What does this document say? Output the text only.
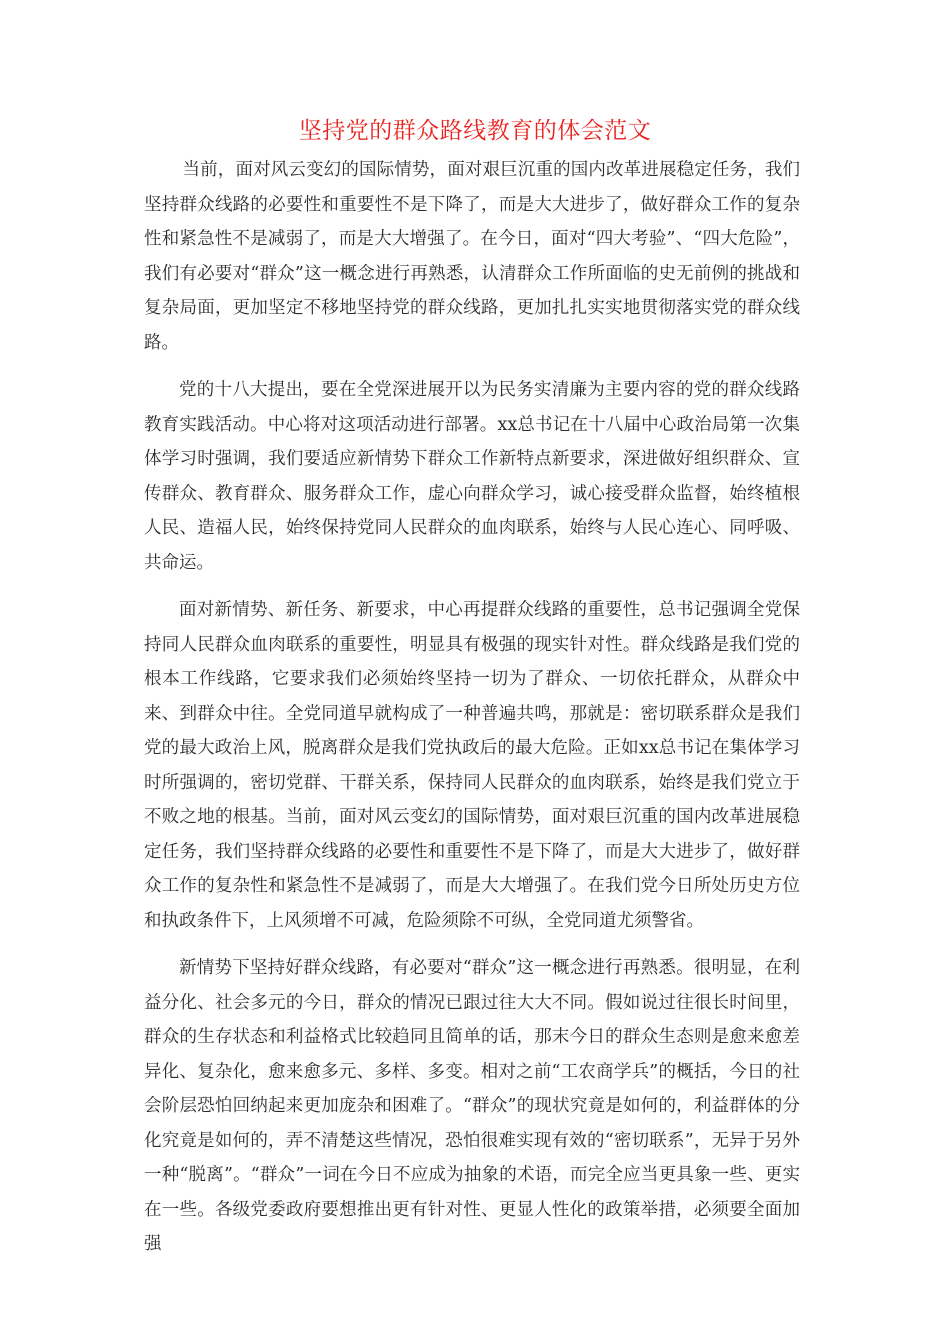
坚持党的群众路线教育的体会范文

当前，面对风云变幻的国际情势，面对艰巨沉重的国内改革进展稳定任务，我们坚持群众线路的必要性和重要性不是下降了，而是大大进步了，做好群众工作的复杂性和紧急性不是减弱了，而是大大增强了。在今日，面对“四大考验”、“四大危险”，我们有必要对“群众”这一概念进行再熟悉，认清群众工作所面临的史无前例的挑战和复杂局面，更加坚定不移地坚持党的群众线路，更加扎扎实实地贯彻落实党的群众线路。

党的十八大提出，要在全党深进展开以为民务实清廉为主要内容的党的群众线路教育实践活动。中心将对这项活动进行部署。xx总书记在十八届中心政治局第一次集体学习时强调，我们要适应新情势下群众工作新特点新要求，深进做好组织群众、宣传群众、教育群众、服务群众工作，虚心向群众学习，诚心接受群众监督，始终植根人民、造福人民，始终保持党同人民群众的血肉联系，始终与人民心连心、同呼吸、共命运。

面对新情势、新任务、新要求，中心再提群众线路的重要性，总书记强调全党保持同人民群众血肉联系的重要性，明显具有极强的现实针对性。群众线路是我们党的根本工作线路，它要求我们必须始终坚持一切为了群众、一切依托群众，从群众中来、到群众中往。全党同道早就构成了一种普遍共鸣，那就是：密切联系群众是我们党的最大政治上风，脱离群众是我们党执政后的最大危险。正如xx总书记在集体学习时所强调的，密切党群、干群关系，保持同人民群众的血肉联系，始终是我们党立于不败之地的根基。当前，面对风云变幻的国际情势，面对艰巨沉重的国内改革进展稳定任务，我们坚持群众线路的必要性和重要性不是下降了，而是大大进步了，做好群众工作的复杂性和紧急性不是减弱了，而是大大增强了。在我们党今日所处历史方位和执政条件下，上风须增不可减，危险须除不可纵，全党同道尤须警省。

新情势下坚持好群众线路，有必要对“群众”这一概念进行再熟悉。很明显，在利益分化、社会多元的今日，群众的情况已跟过往大大不同。假如说过往很长时间里，群众的生存状态和利益格式比较趋同且简单的话，那末今日的群众生态则是愈来愈差异化、复杂化，愈来愈多元、多样、多变。相对之前“工农商学兵”的概括，今日的社会阶层恐怕回纳起来更加庞杂和困难了。“群众”的现状究竟是如何的，利益群体的分化究竟是如何的，弄不清楚这些情况，恐怕很难实现有效的“密切联系”，无异于另外一种“脱离”。“群众”一词在今日不应成为抽象的术语，而完全应当更具象一些、更实在一些。各级党委政府要想推出更有针对性、更显人性化的政策举措，必须要全面加强
